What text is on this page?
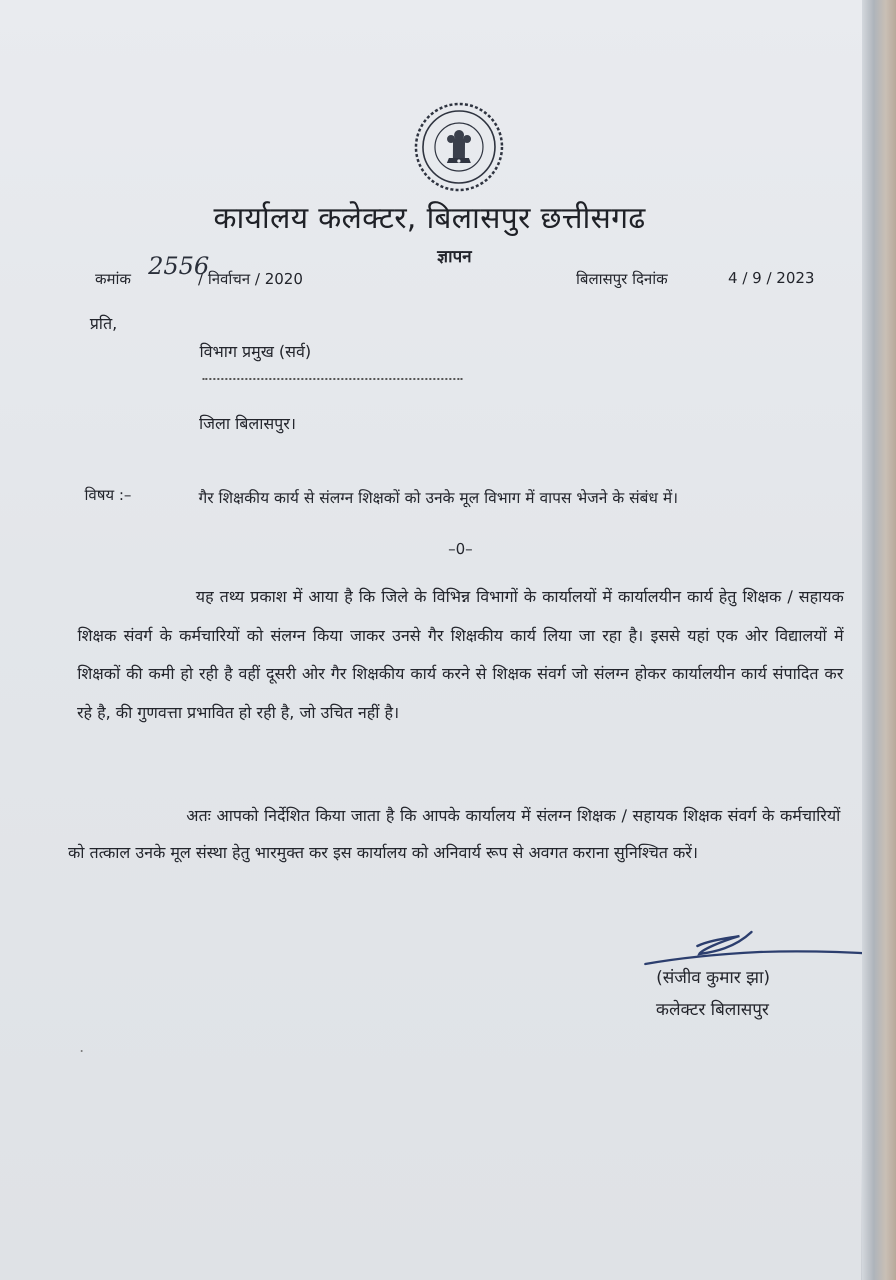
कार्यालय कलेक्टर, बिलासपुर छत्तीसगढ
ज्ञापन
कमांक 2556
/ निर्वाचन / 2020	बिलासपुर दिनांक	4 / 9 / 2023
प्रति,
विभाग प्रमुख (सर्व)
जिला बिलासपुर।
विषय :–	गैर शिक्षकीय कार्य से संलग्न शिक्षकों को उनके मूल विभाग में वापस भेजने के संबंध में।
–0–
यह तथ्य प्रकाश में आया है कि जिले के विभिन्न विभागों के कार्यालयों में कार्यालयीन कार्य हेतु शिक्षक / सहायक शिक्षक संवर्ग के कर्मचारियों को संलग्न किया जाकर उनसे गैर शिक्षकीय कार्य लिया जा रहा है। इससे यहां एक ओर विद्यालयों में शिक्षकों की कमी हो रही है वहीं दूसरी ओर गैर शिक्षकीय कार्य करने से शिक्षक संवर्ग जो संलग्न होकर कार्यालयीन कार्य संपादित कर रहे है, की गुणवत्ता प्रभावित हो रही है, जो उचित नहीं है।
अतः आपको निर्देशित किया जाता है कि आपके कार्यालय में संलग्न शिक्षक / सहायक शिक्षक संवर्ग के कर्मचारियों को तत्काल उनके मूल संस्था हेतु भारमुक्त कर इस कार्यालय को अनिवार्य रूप से अवगत कराना सुनिश्चित करें।
(संजीव कुमार झा)
कलेक्टर बिलासपुर
